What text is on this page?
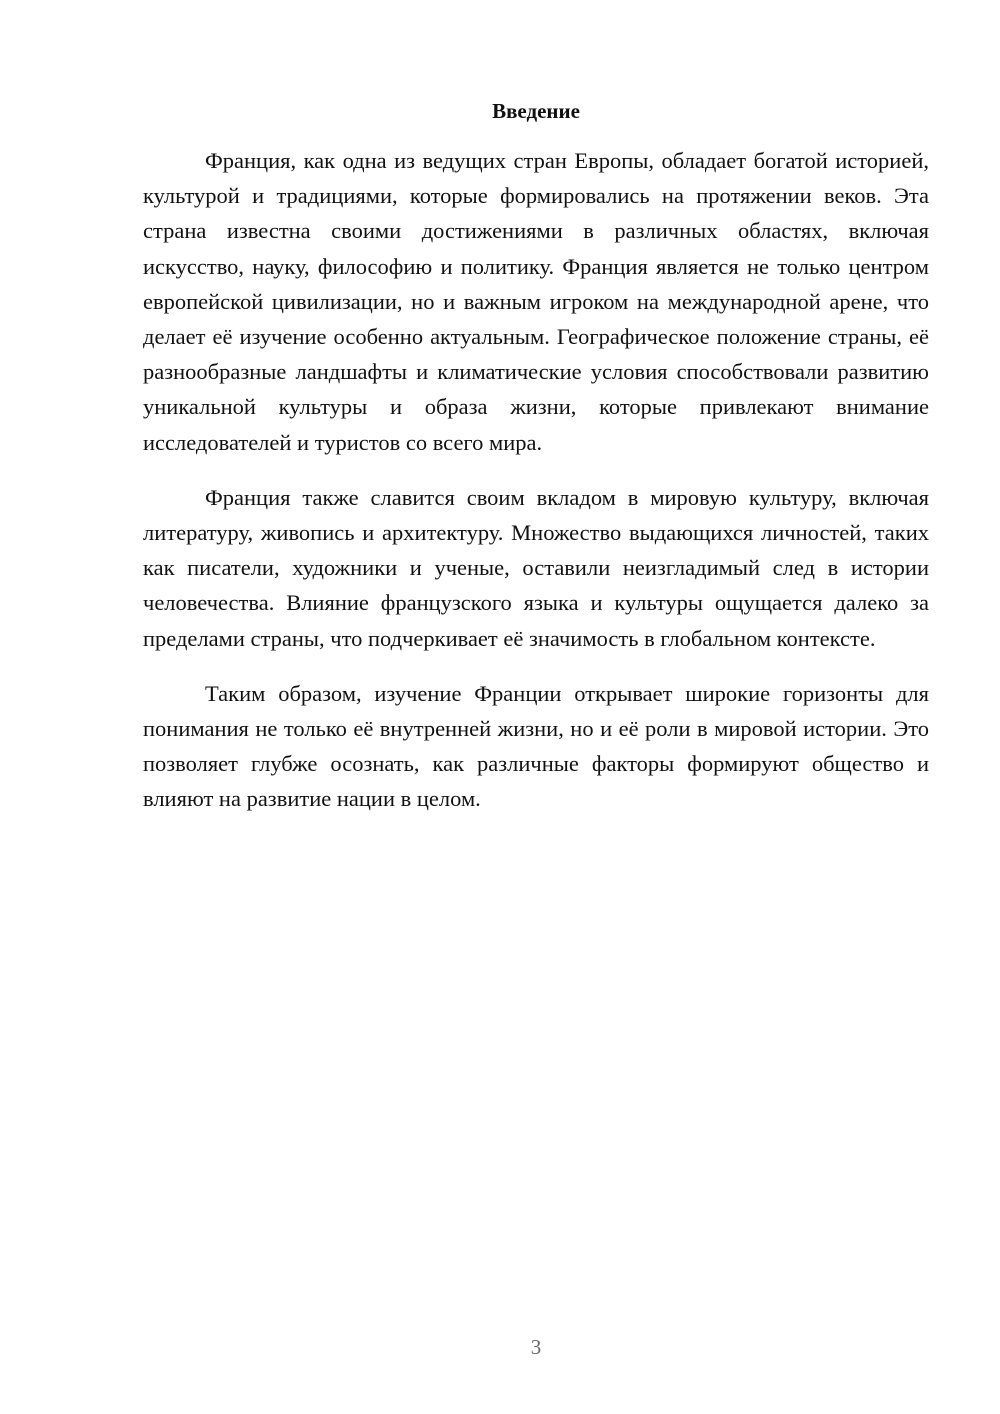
Введение

Франция, как одна из ведущих стран Европы, обладает богатой историей, культурой и традициями, которые формировались на протяжении веков. Эта страна известна своими достижениями в различных областях, включая искусство, науку, философию и политику. Франция является не только центром европейской цивилизации, но и важным игроком на международной арене, что делает её изучение особенно актуальным. Географическое положение страны, её разнообразные ландшафты и климатические условия способствовали развитию уникальной культуры и образа жизни, которые привлекают внимание исследователей и туристов со всего мира.

Франция также славится своим вкладом в мировую культуру, включая литературу, живопись и архитектуру. Множество выдающихся личностей, таких как писатели, художники и ученые, оставили неизгладимый след в истории человечества. Влияние французского языка и культуры ощущается далеко за пределами страны, что подчеркивает её значимость в глобальном контексте.

Таким образом, изучение Франции открывает широкие горизонты для понимания не только её внутренней жизни, но и её роли в мировой истории. Это позволяет глубже осознать, как различные факторы формируют общество и влияют на развитие нации в целом.

3
